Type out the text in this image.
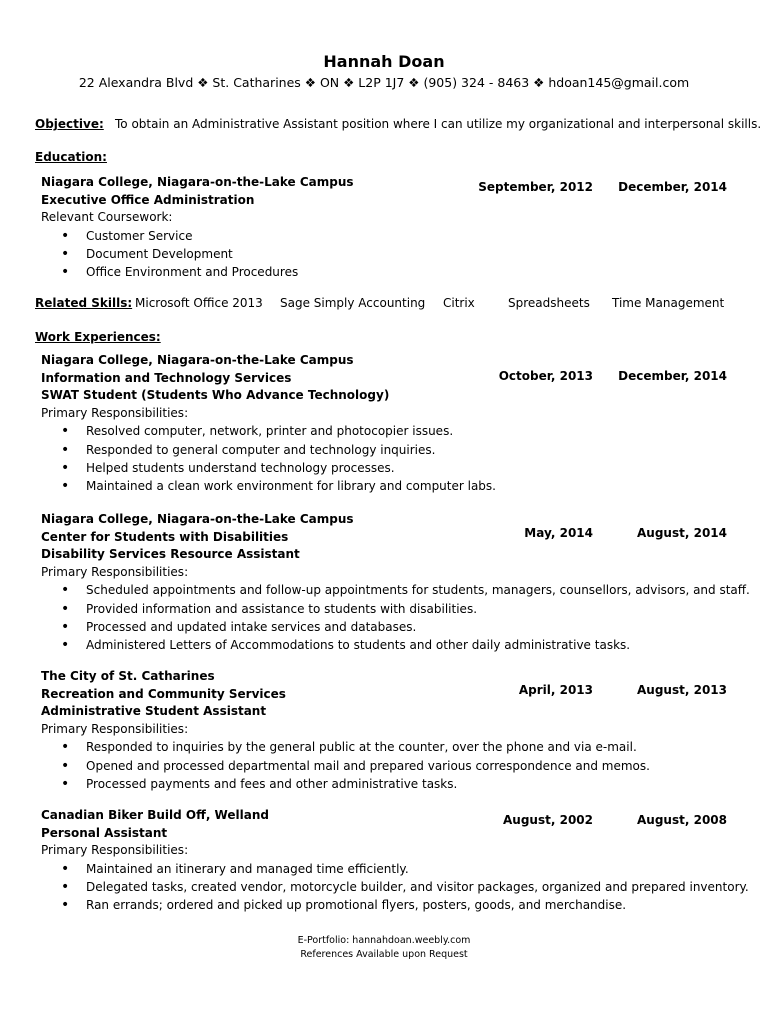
Hannah Doan
22 Alexandra Blvd ❖ St. Catharines ❖ ON ❖ L2P 1J7 ❖ (905) 324 - 8463 ❖ hdoan145@gmail.com
Objective: To obtain an Administrative Assistant position where I can utilize my organizational and interpersonal skills.
Education:
Niagara College, Niagara-on-the-Lake Campus
Executive Office Administration
Relevant Coursework:
• Customer Service
• Document Development
• Office Environment and Procedures
September, 2012 December, 2014
Related Skills: Microsoft Office 2013 Sage Simply Accounting Citrix	Spreadsheets Time Management
Work Experiences:
Niagara College, Niagara-on-the-Lake Campus
Information and Technology Services
SWAT Student (Students Who Advance Technology)
Primary Responsibilities:
• Resolved computer, network, printer and photocopier issues.
• Responded to general computer and technology inquiries.
• Helped students understand technology processes.
• Maintained a clean work environment for library and computer labs.
October, 2013 December, 2014
Niagara College, Niagara-on-the-Lake Campus
Center for Students with Disabilities
Disability Services Resource Assistant
Primary Responsibilities:
• Scheduled appointments and follow-up appointments for students, managers, counsellors, advisors, and staff.
• Provided information and assistance to students with disabilities.
• Processed and updated intake services and databases.
• Administered Letters of Accommodations to students and other daily administrative tasks.
May, 2014	August, 2014
The City of St. Catharines
Recreation and Community Services
Administrative Student Assistant
Primary Responsibilities:
• Responded to inquiries by the general public at the counter, over the phone and via e-mail.
• Opened and processed departmental mail and prepared various correspondence and memos.
• Processed payments and fees and other administrative tasks.
April, 2013	August, 2013
Canadian Biker Build Off, Welland
Personal Assistant
Primary Responsibilities:
• Maintained an itinerary and managed time efficiently.
• Delegated tasks, created vendor, motorcycle builder, and visitor packages, organized and prepared inventory.
• Ran errands; ordered and picked up promotional flyers, posters, goods, and merchandise.
August, 2002	August, 2008
E-Portfolio: hannahdoan.weebly.com
References Available upon Request
